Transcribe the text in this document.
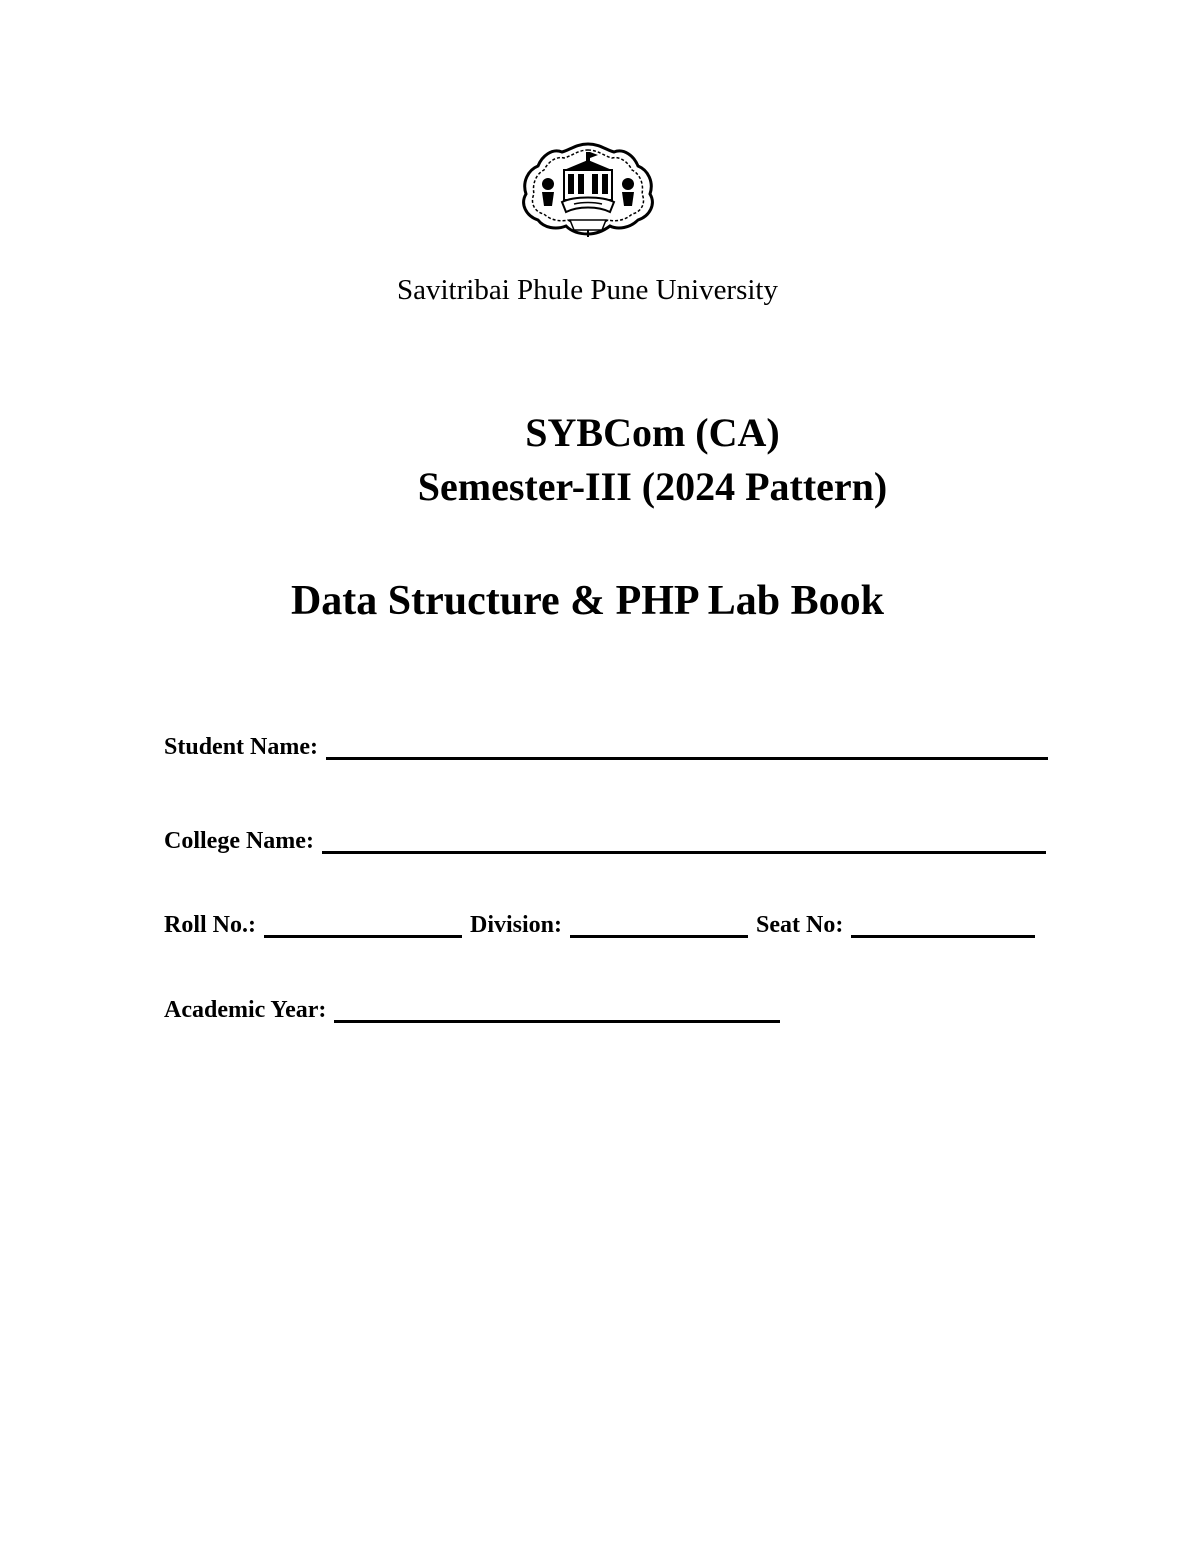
Savitribai Phule Pune University
SYBCom (CA)
Semester-III (2024 Pattern)
Data Structure & PHP Lab Book
Student Name:
College Name:
Roll No.:	Division:	Seat No:
Academic Year:
